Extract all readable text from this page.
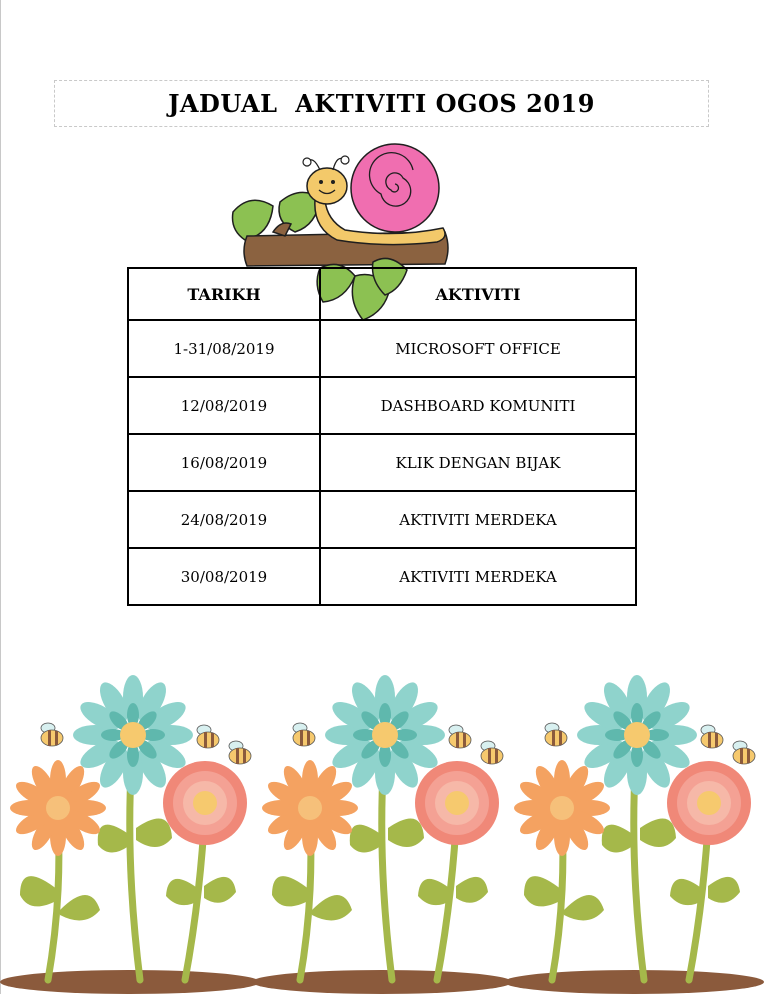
JADUAL  AKTIVITI OGOS 2019
TARIKH	AKTIVITI
1-31/08/2019	MICROSOFT OFFICE
12/08/2019	DASHBOARD KOMUNITI
16/08/2019	KLIK DENGAN BIJAK
24/08/2019	AKTIVITI MERDEKA
30/08/2019	AKTIVITI MERDEKA
